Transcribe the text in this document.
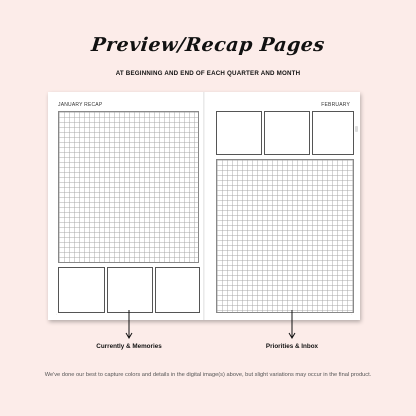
Preview/Recap Pages
AT BEGINNING AND END OF EACH QUARTER AND MONTH
JANUARY RECAP
◦
FEBRUARY
◦
Currently & Memories	Priorities & Inbox
We've done our best to capture colors and details in the digital image(s) above, but slight variations may occur in the final product.
